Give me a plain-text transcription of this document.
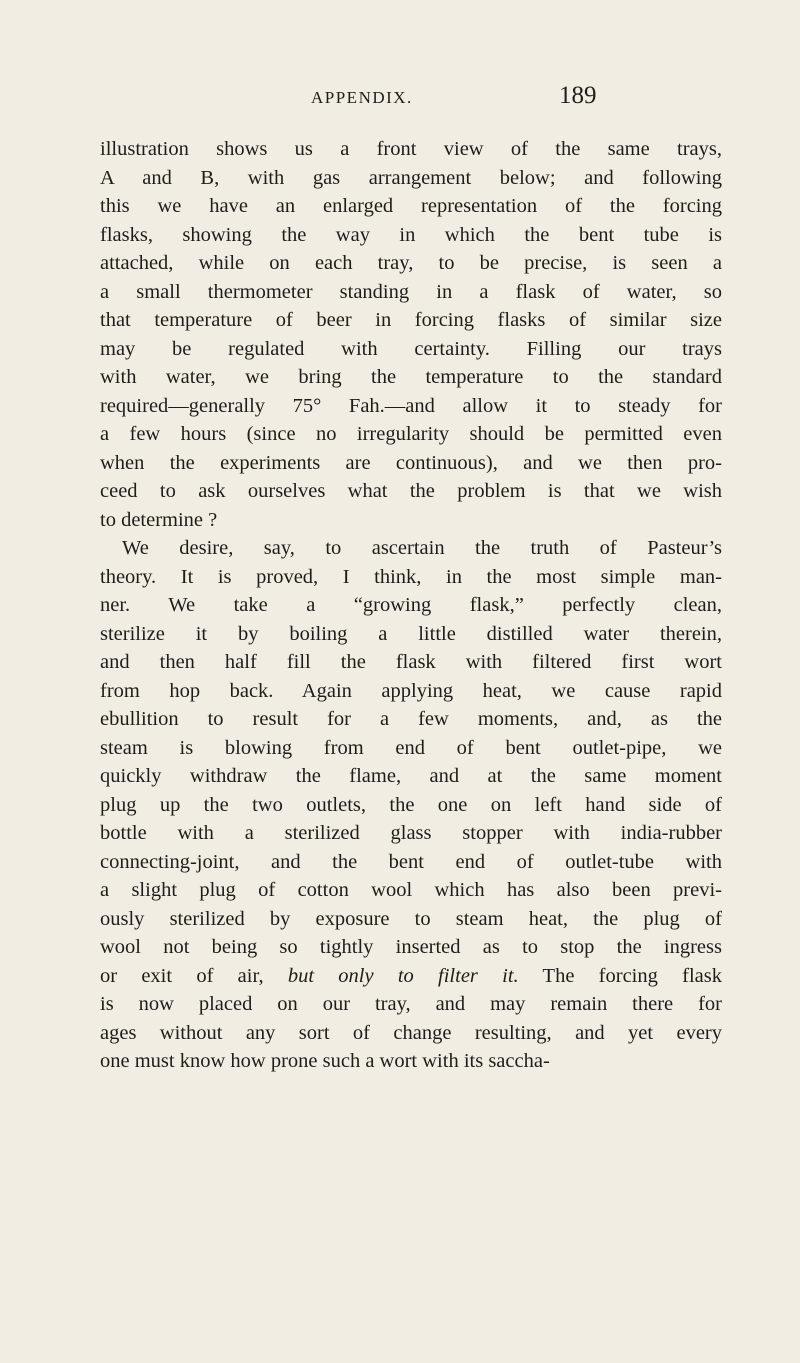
APPENDIX.	189
illustration shows us a front view of the same trays,
A and B, with gas arrangement below; and following
this we have an enlarged representation of the forcing
flasks, showing the way in which the bent tube is
attached, while on each tray, to be precise, is seen a
a small thermometer standing in a flask of water, so
that temperature of beer in forcing flasks of similar size
may be regulated with certainty. Filling our trays
with water, we bring the temperature to the standard
required—generally 75° Fah.—and allow it to steady for
a few hours (since no irregularity should be permitted even
when the experiments are continuous), and we then pro-
ceed to ask ourselves what the problem is that we wish
to determine ?
We desire, say, to ascertain the truth of Pasteur’s
theory. It is proved, I think, in the most simple man-
ner. We take a “growing flask,” perfectly clean,
sterilize it by boiling a little distilled water therein,
and then half fill the flask with filtered first wort
from hop back. Again applying heat, we cause rapid
ebullition to result for a few moments, and, as the
steam is blowing from end of bent outlet-pipe, we
quickly withdraw the flame, and at the same moment
plug up the two outlets, the one on left hand side of
bottle with a sterilized glass stopper with india-rubber
connecting-joint, and the bent end of outlet-tube with
a slight plug of cotton wool which has also been previ-
ously sterilized by exposure to steam heat, the plug of
wool not being so tightly inserted as to stop the ingress
or exit of air, but only to filter it. The forcing flask
is now placed on our tray, and may remain there for
ages without any sort of change resulting, and yet every
one must know how prone such a wort with its saccha-
